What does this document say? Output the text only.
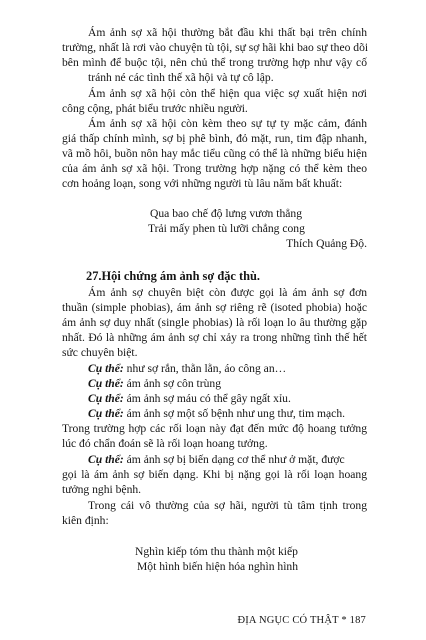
Ám ảnh sợ xã hội thường bắt đầu khi thất bại trên chính
trường, nhất là rơi vào chuyện tù tội, sự sợ hãi khi bao sự theo dõi
bên mình để buộc tội, nên chủ thể trong trường hợp như vậy cố
tránh né các tình thế xã hội và tự cô lập.
Ám ảnh sợ xã hội còn thể hiện qua việc sợ xuất hiện nơi
công cộng, phát biểu trước nhiều người.
Ám ảnh sợ xã hội còn kèm theo sự tự ty mặc cảm, đánh
giá thấp chính mình, sợ bị phê bình, đỏ mặt, run, tim đập nhanh,
vã mồ hôi, buồn nôn hay mắc tiểu cũng có thể là những biểu hiện
của ám ảnh sợ xã hội. Trong trường hợp nặng có thể kèm theo
cơn hoảng loạn, song với những người tù lâu năm bất khuất:
Qua bao chế độ lưng vươn thẳng
Trải mấy phen tù lưỡi chẳng cong
Thích Quảng Độ.
27.Hội chứng ám ảnh sợ đặc thù.
Ám ảnh sợ chuyên biệt còn được gọi là ám ảnh sợ đơn
thuần (simple phobias), ám ảnh sợ riêng rẽ (isoted phobia) hoặc
ám ảnh sợ duy nhất (single phobias) là rối loạn lo âu thường gặp
nhất. Đó là những ám ảnh sợ chỉ xảy ra trong những tình thế hết
sức chuyên biệt.
Cụ thể: như sợ rắn, thằn lằn, áo công an…
Cụ thể: ám ảnh sợ côn trùng
Cụ thể: ám ảnh sợ máu có thể gây ngất xỉu.
Cụ thể: ám ảnh sợ một số bệnh như ung thư, tim mạch.
Trong trường hợp các rối loạn này đạt đến mức độ hoang tưởng
lúc đó chẩn đoán sẽ là rối loạn hoang tưởng.
Cụ thể: ám ảnh sợ bị biến dạng cơ thể như ở mặt, được
gọi là ám ảnh sợ biến dạng. Khi bị nặng gọi là rối loạn hoang
tưởng nghi bệnh.
Trong cái vô thường của sợ hãi, người tù tâm tịnh trong
kiên định:
Nghìn kiếp tóm thu thành một kiếp
Một hình biến hiện hóa nghìn hình
ĐỊA NGỤC CÓ THẬT * 187
